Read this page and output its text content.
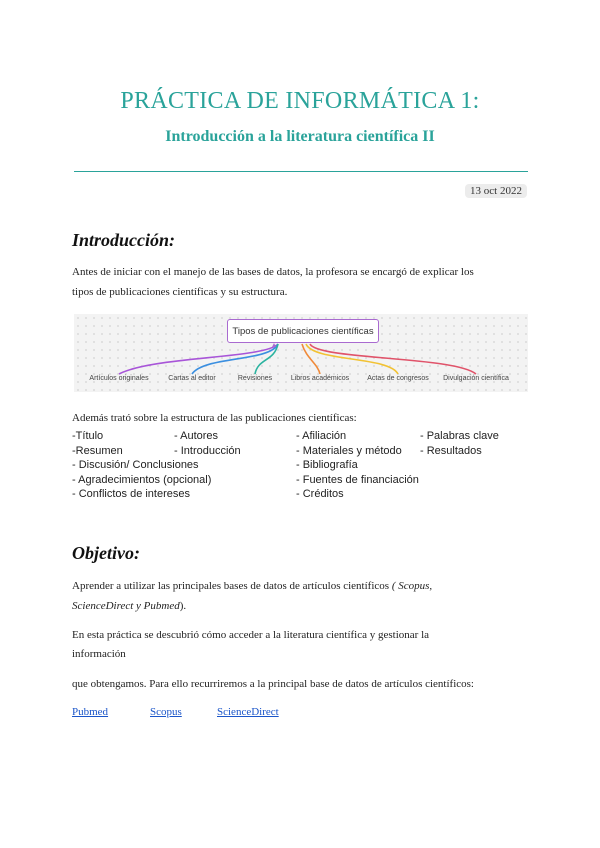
PRÁCTICA DE INFORMÁTICA 1:
Introducción a la literatura científica II
13 oct 2022
Introducción:
Antes de iniciar con el manejo de las bases de datos, la profesora se encargó de explicar los
tipos de publicaciones científicas y su estructura.
Tipos de publicaciones científicas
Artículos originales	Cartas al editor	Revisiones	Libros académicos	Actas de congresos Divulgación científica
Además trató sobre la estructura de las publicaciones científicas:
-Título	- Autores	- Afiliación	- Palabras clave
-Resumen	- Introducción	- Materiales y método - Resultados
- Discusión/ Conclusiones	- Bibliografía
- Agradecimientos (opcional)	- Fuentes de financiación
- Conflictos de intereses	- Créditos
Objetivo:
Aprender a utilizar las principales bases de datos de artículos científicos ( Scopus,
ScienceDirect y Pubmed).
En esta práctica se descubrió cómo acceder a la literatura científica y gestionar la
información
que obtengamos. Para ello recurriremos a la principal base de datos de artículos científicos:
Pubmed	Scopus	ScienceDirect
